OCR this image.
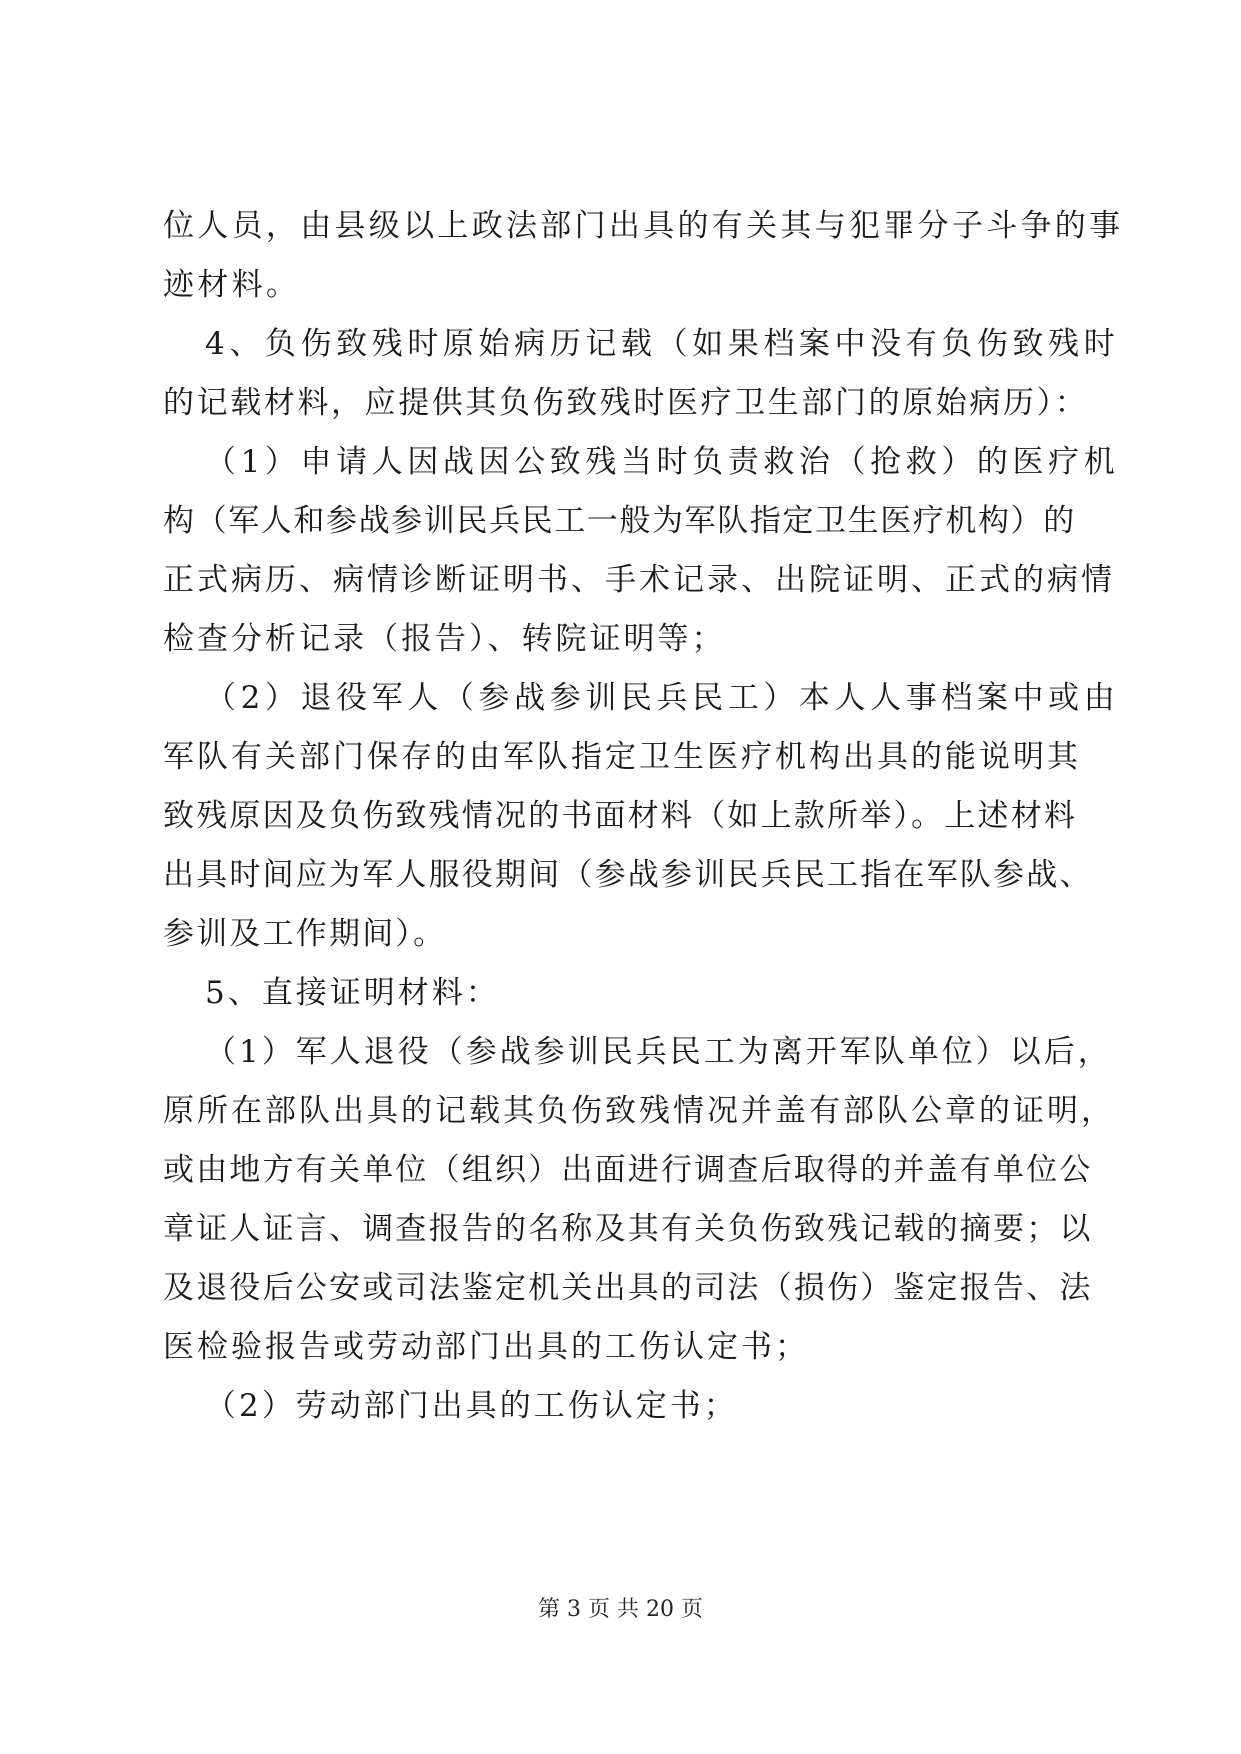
位人员，由县级以上政法部门出具的有关其与犯罪分子斗争的事
迹材料。
4、负伤致残时原始病历记载（如果档案中没有负伤致残时
的记载材料，应提供其负伤致残时医疗卫生部门的原始病历）：
（1）申请人因战因公致残当时负责救治（抢救）的医疗机
构（军人和参战参训民兵民工一般为军队指定卫生医疗机构）的
正式病历、病情诊断证明书、手术记录、出院证明、正式的病情
检查分析记录（报告）、转院证明等；
（2）退役军人（参战参训民兵民工）本人人事档案中或由
军队有关部门保存的由军队指定卫生医疗机构出具的能说明其
致残原因及负伤致残情况的书面材料（如上款所举）。上述材料
出具时间应为军人服役期间（参战参训民兵民工指在军队参战、
参训及工作期间）。
5、直接证明材料：
（1）军人退役（参战参训民兵民工为离开军队单位）以后，
原所在部队出具的记载其负伤致残情况并盖有部队公章的证明，
或由地方有关单位（组织）出面进行调查后取得的并盖有单位公
章证人证言、调查报告的名称及其有关负伤致残记载的摘要；以
及退役后公安或司法鉴定机关出具的司法（损伤）鉴定报告、法
医检验报告或劳动部门出具的工伤认定书；
（2）劳动部门出具的工伤认定书；
第 3 页 共 20 页
